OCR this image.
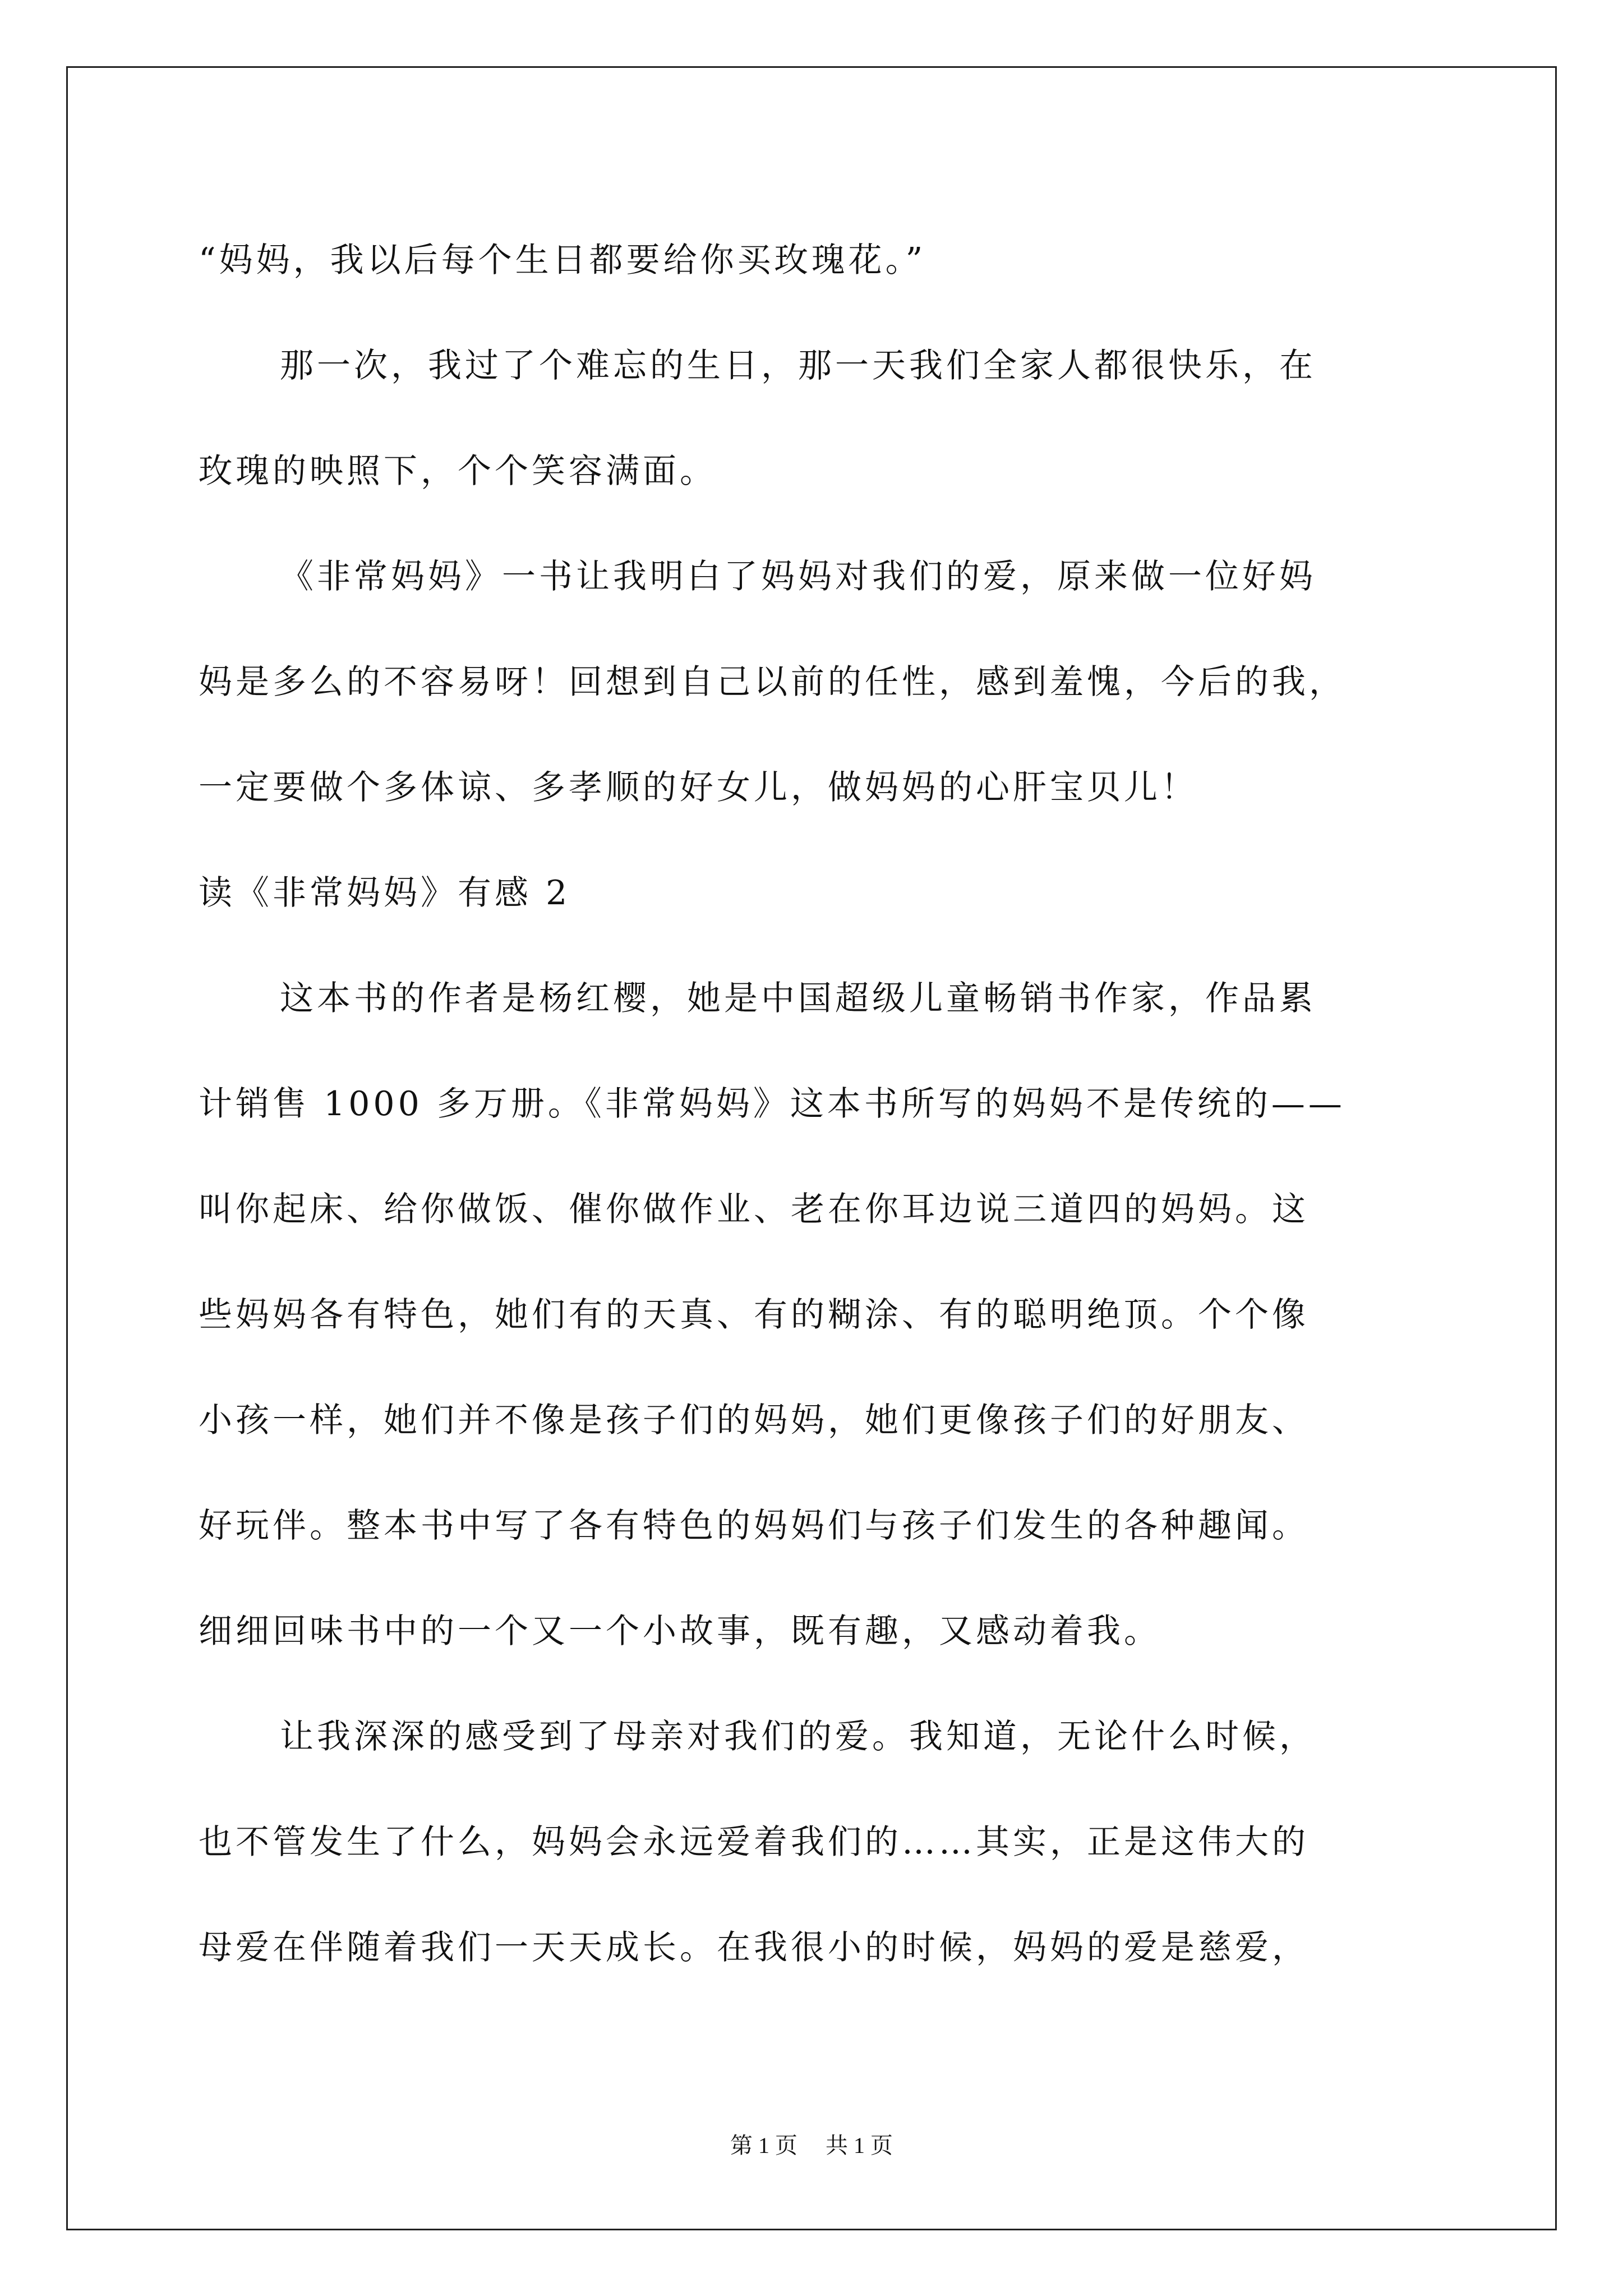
“妈妈，我以后每个生日都要给你买玫瑰花。”
那一次，我过了个难忘的生日，那一天我们全家人都很快乐，在
玫瑰的映照下，个个笑容满面。
《非常妈妈》一书让我明白了妈妈对我们的爱，原来做一位好妈
妈是多么的不容易呀！回想到自己以前的任性，感到羞愧，今后的我，
一定要做个多体谅、多孝顺的好女儿，做妈妈的心肝宝贝儿！
读《非常妈妈》有感 2
这本书的作者是杨红樱，她是中国超级儿童畅销书作家，作品累
计销售 1000 多万册。《非常妈妈》这本书所写的妈妈不是传统的——
叫你起床、给你做饭、催你做作业、老在你耳边说三道四的妈妈。这
些妈妈各有特色，她们有的天真、有的糊涂、有的聪明绝顶。个个像
小孩一样，她们并不像是孩子们的妈妈，她们更像孩子们的好朋友、
好玩伴。整本书中写了各有特色的妈妈们与孩子们发生的各种趣闻。
细细回味书中的一个又一个小故事，既有趣，又感动着我。
让我深深的感受到了母亲对我们的爱。我知道，无论什么时候，
也不管发生了什么，妈妈会永远爱着我们的……其实，正是这伟大的
母爱在伴随着我们一天天成长。在我很小的时候，妈妈的爱是慈爱，
第 1 页 共 1 页
